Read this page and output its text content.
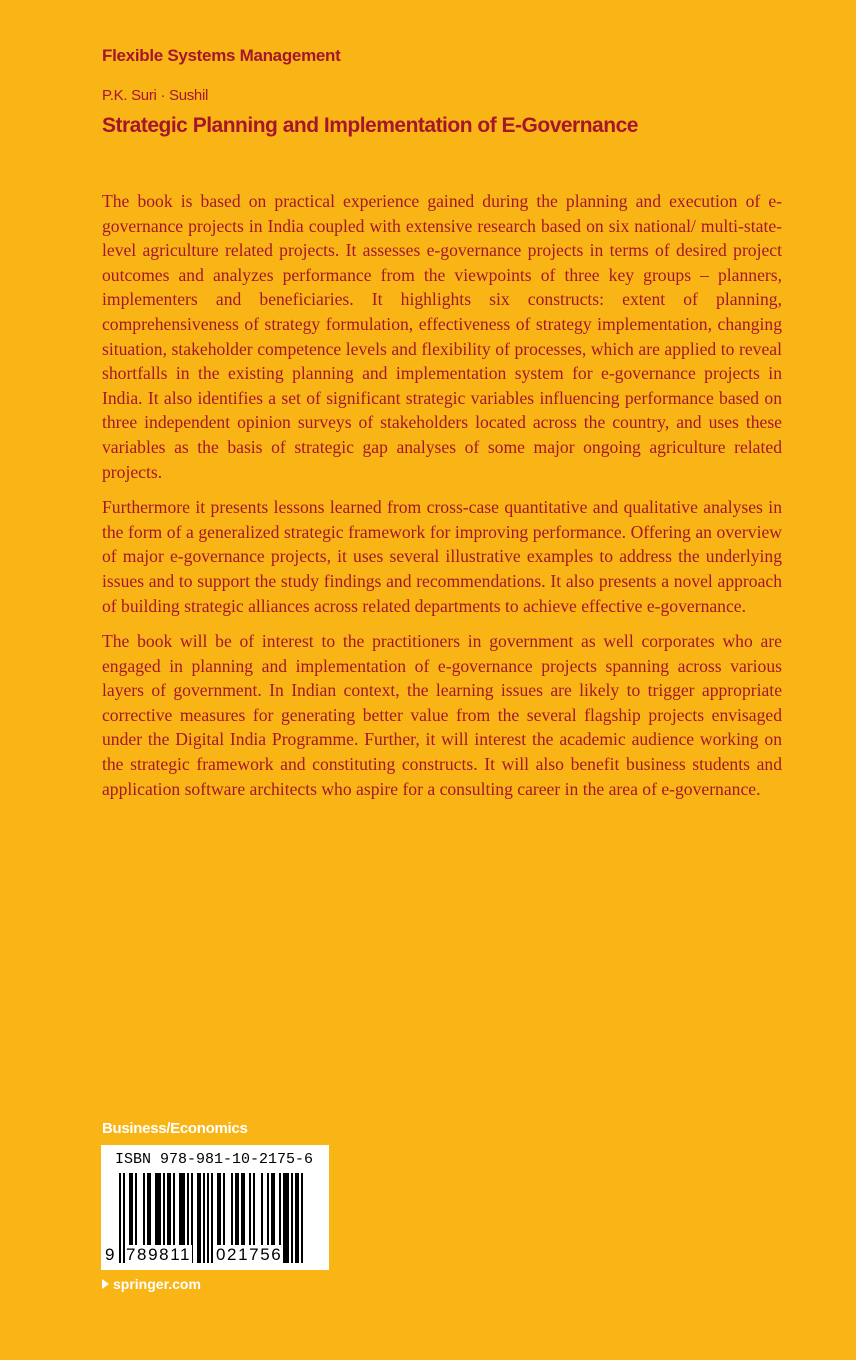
Flexible Systems Management
P.K. Suri · Sushil
Strategic Planning and Implementation of E-Governance

The book is based on practical experience gained during the planning and execution of e-governance projects in India coupled with extensive research based on six national/ multi-state-level agriculture related projects. It assesses e-governance projects in terms of desired project outcomes and analyzes performance from the viewpoints of three key groups – planners, implementers and beneficiaries. It highlights six constructs: extent of planning, comprehensiveness of strategy formulation, effectiveness of strategy implementation, changing situation, stakeholder competence levels and flexibility of processes, which are applied to reveal shortfalls in the existing planning and implementation system for e-governance projects in India. It also identifies a set of significant strategic variables influencing performance based on three independent opinion surveys of stakeholders located across the country, and uses these variables as the basis of strategic gap analyses of some major ongoing agriculture related projects.

Furthermore it presents lessons learned from cross-case quantitative and qualitative analyses in the form of a generalized strategic framework for improving performance. Offering an overview of major e-governance projects, it uses several illustrative examples to address the underlying issues and to support the study findings and recommendations. It also presents a novel approach of building strategic alliances across related departments to achieve effective e-governance.

The book will be of interest to the practitioners in government as well corporates who are engaged in planning and implementation of e-governance projects spanning across various layers of government. In Indian context, the learning issues are likely to trigger appropriate corrective measures for generating better value from the several flagship projects envisaged under the Digital India Programme. Further, it will interest the academic audience working on the strategic framework and constituting constructs. It will also benefit business students and application software architects who aspire for a consulting career in the area of e-governance.

Business/Economics
ISBN 978-981-10-2175-6
9 789811 021756
springer.com
